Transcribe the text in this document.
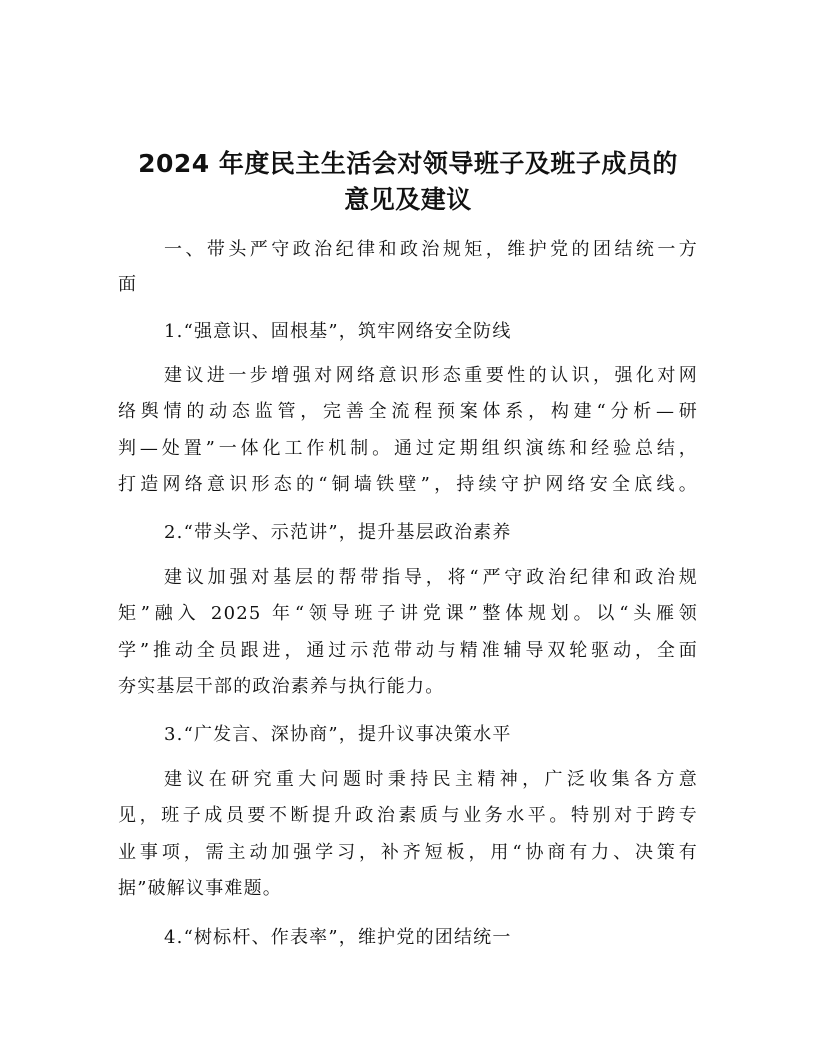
2024 年度民主生活会对领导班子及班子成员的
意见及建议
一、带头严守政治纪律和政治规矩，维护党的团结统一方
面
1.“强意识、固根基”，筑牢网络安全防线
建议进一步增强对网络意识形态重要性的认识，强化对网
络舆情的动态监管，完善全流程预案体系，构建“分析—研
判—处置”一体化工作机制。通过定期组织演练和经验总结，
打造网络意识形态的“铜墙铁壁”，持续守护网络安全底线。
2.“带头学、示范讲”，提升基层政治素养
建议加强对基层的帮带指导，将“严守政治纪律和政治规
矩”融入 2025 年“领导班子讲党课”整体规划。以“头雁领
学”推动全员跟进，通过示范带动与精准辅导双轮驱动，全面
夯实基层干部的政治素养与执行能力。
3.“广发言、深协商”，提升议事决策水平
建议在研究重大问题时秉持民主精神，广泛收集各方意
见，班子成员要不断提升政治素质与业务水平。特别对于跨专
业事项，需主动加强学习，补齐短板，用“协商有力、决策有
据”破解议事难题。
4.“树标杆、作表率”，维护党的团结统一
